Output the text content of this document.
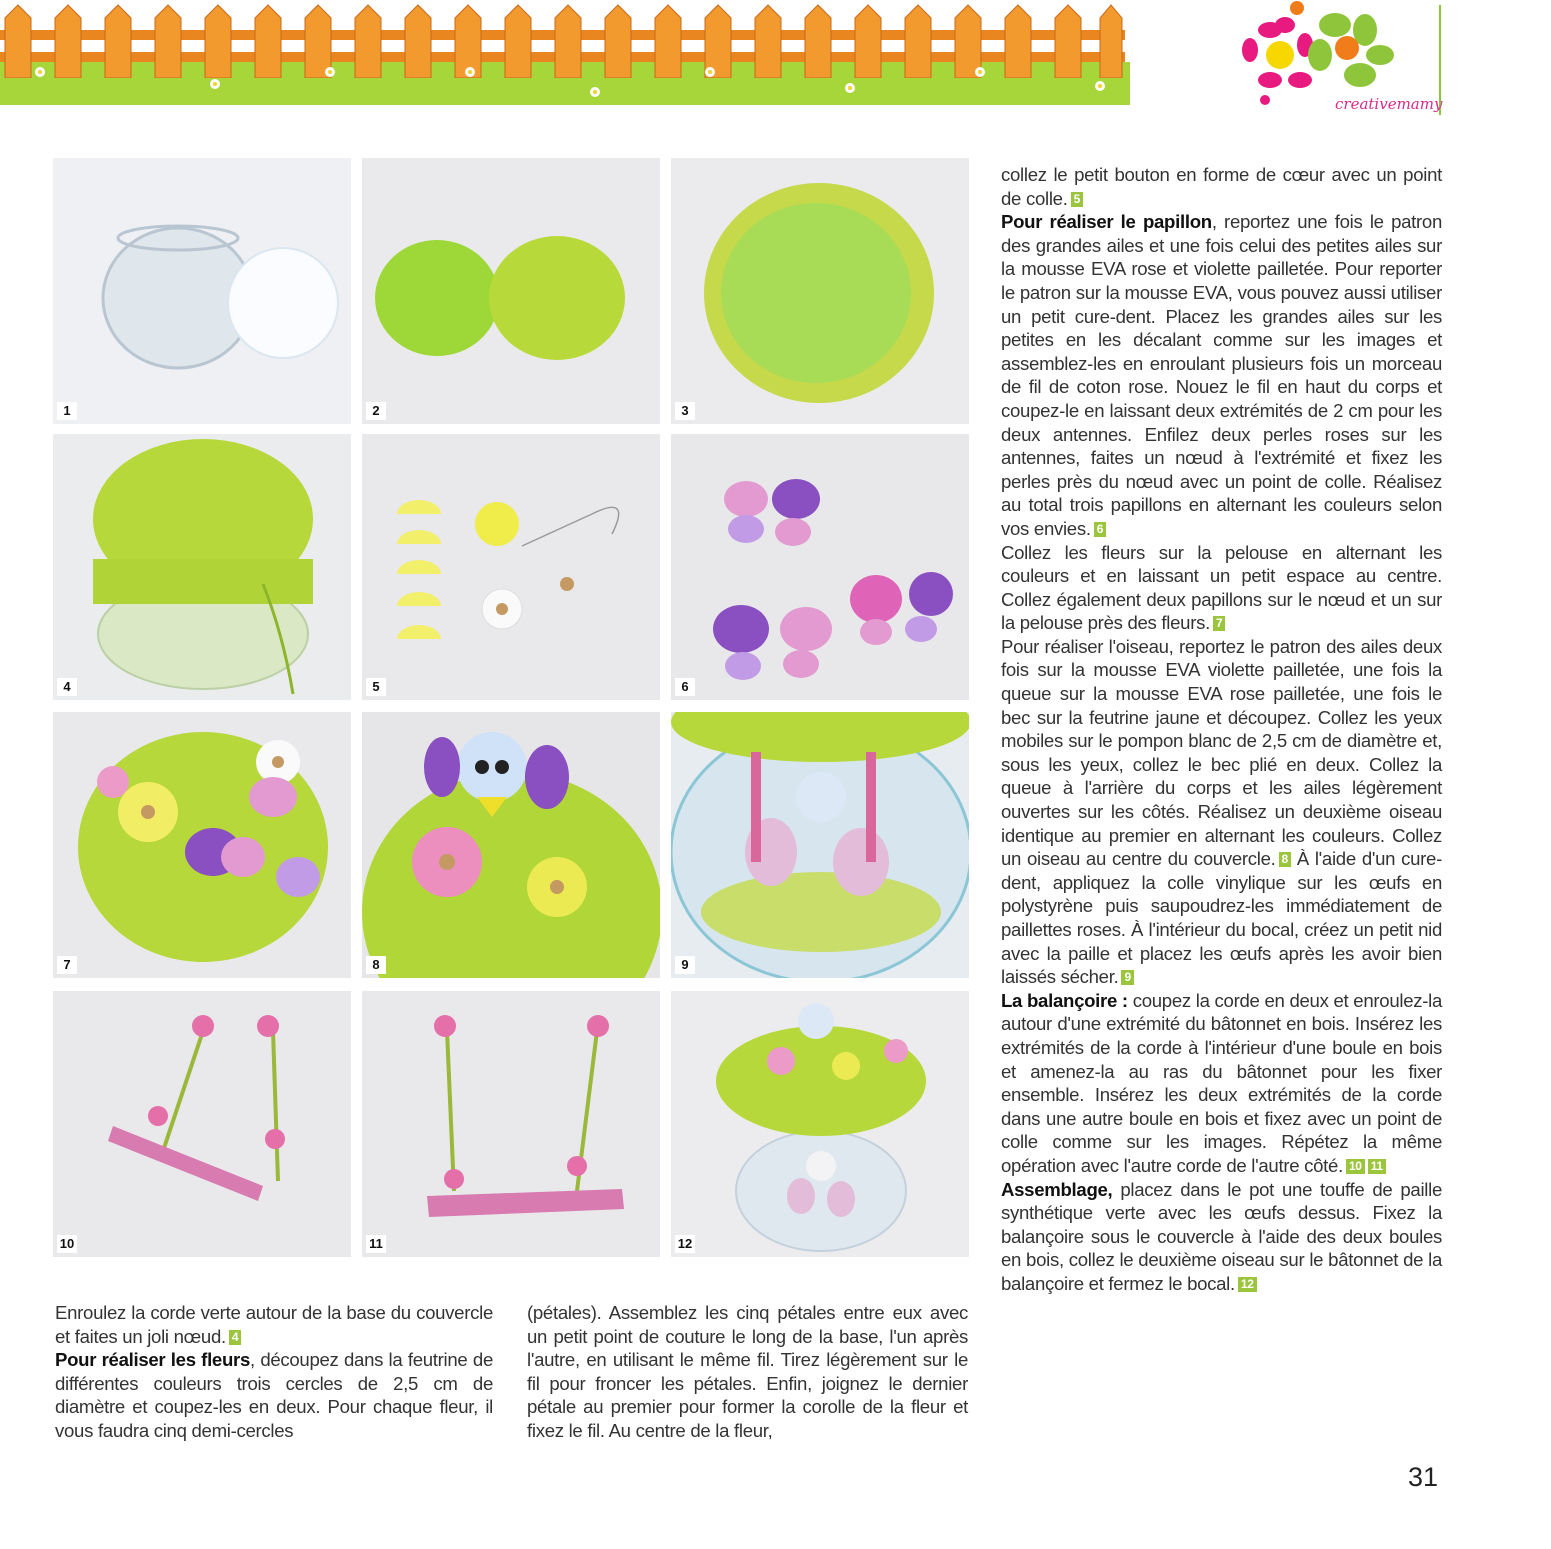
creativemamy
1	2	3
4	5	6
7	8	9
10	11	12

collez le petit bouton en forme de cœur avec un point de colle. 5

Pour réaliser le papillon, reportez une fois le patron des grandes ailes et une fois celui des petites ailes sur la mousse EVA rose et violette pailletée. Pour reporter le patron sur la mousse EVA, vous pouvez aussi utiliser un petit cure-dent. Placez les grandes ailes sur les petites en les décalant comme sur les images et assemblez-les en enroulant plusieurs fois un morceau de fil de coton rose. Nouez le fil en haut du corps et coupez-le en laissant deux extrémités de 2 cm pour les deux antennes. Enfilez deux perles roses sur les antennes, faites un nœud à l'extrémité et fixez les perles près du nœud avec un point de colle. Réalisez au total trois papillons en alternant les couleurs selon vos envies. 6

Collez les fleurs sur la pelouse en alternant les couleurs et en laissant un petit espace au centre. Collez également deux papillons sur le nœud et un sur la pelouse près des fleurs. 7

Pour réaliser l'oiseau, reportez le patron des ailes deux fois sur la mousse EVA violette pailletée, une fois la queue sur la mousse EVA rose pailletée, une fois le bec sur la feutrine jaune et découpez. Collez les yeux mobiles sur le pompon blanc de 2,5 cm de diamètre et, sous les yeux, collez le bec plié en deux. Collez la queue à l'arrière du corps et les ailes légèrement ouvertes sur les côtés. Réalisez un deuxième oiseau identique au premier en alternant les couleurs. Collez un oiseau au centre du couvercle. 8 À l'aide d'un cure-dent, appliquez la colle vinylique sur les œufs en polystyrène puis saupoudrez-les immédiatement de paillettes roses. À l'intérieur du bocal, créez un petit nid avec la paille et placez les œufs après les avoir bien laissés sécher. 9

La balançoire : coupez la corde en deux et enroulez-la autour d'une extrémité du bâtonnet en bois. Insérez les extrémités de la corde à l'intérieur d'une boule en bois et amenez-la au ras du bâtonnet pour les fixer ensemble. Insérez les deux extrémités de la corde dans une autre boule en bois et fixez avec un point de colle comme sur les images. Répétez la même opération avec l'autre corde de l'autre côté. 10 11

Assemblage, placez dans le pot une touffe de paille synthétique verte avec les œufs dessus. Fixez la balançoire sous le couvercle à l'aide des deux boules en bois, collez le deuxième oiseau sur le bâtonnet de la balançoire et fermez le bocal. 12

Enroulez la corde verte autour de la base du couvercle et faites un joli nœud. 4

Pour réaliser les fleurs, découpez dans la feutrine de différentes couleurs trois cercles de 2,5 cm de diamètre et coupez-les en deux. Pour chaque fleur, il vous faudra cinq demi-cercles

(pétales). Assemblez les cinq pétales entre eux avec un petit point de couture le long de la base, l'un après l'autre, en utilisant le même fil. Tirez légèrement sur le fil pour froncer les pétales. Enfin, joignez le dernier pétale au premier pour former la corolle de la fleur et fixez le fil. Au centre de la fleur,

31
